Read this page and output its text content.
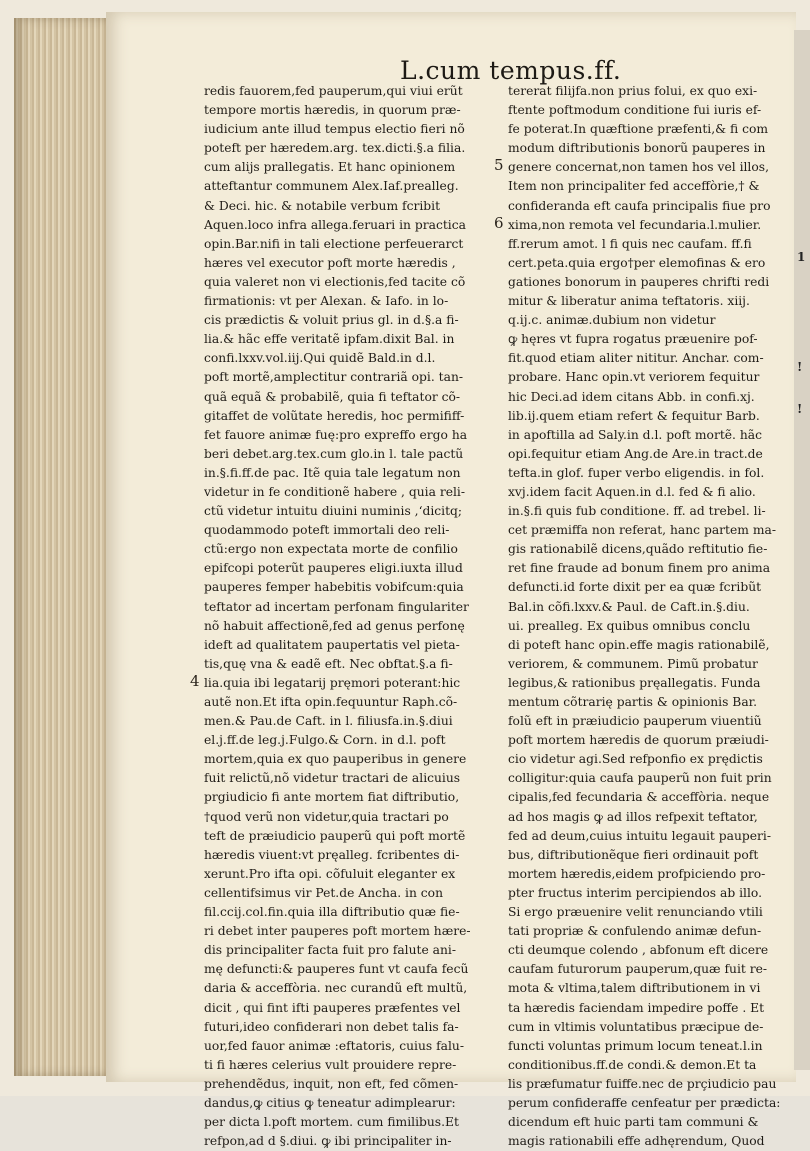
1
!
!
L.cum tempus.ff.
redis fauorem,fed pauperum,qui viui erũt
tempore mortis hæredis, in quorum præ-
iudicium ante illud tempus electio fieri nõ
poteft per hæredem.arg. tex.dicti.§.a filia.
cum alijs prallegatis. Et hanc opinionem
atteftantur communem Alex.Iaf.prealleg.
& Deci. hic. & notabile verbum fcribit
Aquen.loco infra allega.feruari in practica
opin.Bar.nifi in tali electione perfeuerarct
hæres vel executor poft morte hæredis ,
quia valeret non vi electionis,fed tacite cõ
firmationis: vt per Alexan. & Iafo. in lo-
cis prædictis & voluit prius gl. in d.§.a fi-
lia.& hãc effe veritatẽ ipfam.dixit Bal. in
confi.lxxv.vol.iij.Qui quidẽ Bald.in d.l.
poft mortẽ,amplectitur contrariã opi. tan-
quã equã & probabilẽ, quia fi teftator cõ-
gitaffet de volũtate heredis, hoc permififf-
fet fauore animæ fuę:pro expreffo ergo ha
beri debet.arg.tex.cum glo.in l. tale pactũ
in.§.fi.ff.de pac. Itẽ quia tale legatum non
videtur in fe conditionẽ habere , quia reli-
ctũ videtur intuitu diuini numinis ,‘dicitq;
quodammodo poteft immortali deo reli-
ctũ:ergo non expectata morte de confilio
epifcopi poterũt pauperes eligi.iuxta illud
pauperes femper habebitis vobifcum:quia
teftator ad incertam perfonam fingulariter
nõ habuit affectionẽ,fed ad genus perfonę
ideft ad qualitatem paupertatis vel pieta-
tis,quę vna & eadẽ eft. Nec obftat.§.a fi-
lia.quia ibi legatarij pręmori poterant:hic
autẽ non.Et ifta opin.fequuntur Raph.cõ-
men.& Pau.de Caft. in l. filiusfa.in.§.diui
el.j.ff.de leg.j.Fulgo.& Corn. in d.l. poft
mortem,quia ex quo pauperibus in genere
fuit relictũ,nõ videtur tractari de alicuius
prgiudicio fi ante mortem fiat diftributio,
†quod verũ non videtur,quia tractari po
teft de præiudicio pauperũ qui poft mortẽ
hæredis viuent:vt pręalleg. fcribentes di-
xerunt.Pro ifta opi. cõfuluit eleganter ex
cellentifsimus vir Pet.de Ancha. in con
fil.ccij.col.fin.quia illa diftributio quæ fie-
ri debet inter pauperes poft mortem hære-
dis principaliter facta fuit pro falute ani-
mę defuncti:& pauperes funt vt caufa fecũ
daria & acceffòria. nec curandũ eft multũ,
dicit , qui fint ifti pauperes præfentes vel
futuri,ideo confiderari non debet talis fa-
uor,fed fauor animæ :eftatoris, cuius falu-
ti fi hæres celerius vult prouidere repre-
prehendẽdus, inquit, non eft, fed cõmen-
dandus,ꝙ citius ꝙ teneatur adimplearur:
per dicta l.poft mortem. cum fimilibus.Et
refpon,ad d §.diui. ꝙ ibi principaliter in-
tererat filijfa.non prius folui, ex quo exi-
ftente poftmodum conditione fui iuris ef-
fe poterat.In quæftione præfenti,& fi com
modum diftributionis bonorũ pauperes in
genere concernat,non tamen hos vel illos,
Item non principaliter fed acceffòrie,† &
confideranda eft caufa principalis fiue pro
xima,non remota vel fecundaria.l.mulier.
ff.rerum amot. l fi quis nec caufam. ff.fi
cert.peta.quia ergo†per elemofinas & ero
gationes bonorum in pauperes chrifti redi
mitur & liberatur anima teftatoris. xiij.
q.ij.c. animæ.dubium non videtur
ꝙ hęres vt fupra rogatus præuenire pof-
fit.quod etiam aliter nititur. Anchar. com-
probare. Hanc opin.vt veriorem fequitur
hic Deci.ad idem citans Abb. in confi.xj.
lib.ij.quem etiam refert & fequitur Barb.
in apoftilla ad Saly.in d.l. poft mortẽ. hãc
opi.fequitur etiam Ang.de Are.in tract.de
tefta.in glof. fuper verbo eligendis. in fol.
xvj.idem facit Aquen.in d.l. fed & fi alio.
in.§.fi quis fub conditione. ff. ad trebel. li-
cet præmiffa non referat, hanc partem ma-
gis rationabilẽ dicens,quãdo reftitutio fie-
ret fine fraude ad bonum finem pro anima
defuncti.id forte dixit per ea quæ fcribũt
Bal.in cõfi.lxxv.& Paul. de Caft.in.§.diu.
ui. prealleg. Ex quibus omnibus conclu
di poteft hanc opin.effe magis rationabilẽ,
veriorem, & communem. Pimũ probatur
legibus,& rationibus pręallegatis. Funda
mentum cõtrarię partis & opinionis Bar.
folũ eft in præiudicio pauperum viuentiũ
poft mortem hæredis de quorum præiudi-
cio videtur agi.Sed refponfio ex prędictis
colligitur:quia caufa pauperũ non fuit prin
cipalis,fed fecundaria & acceffòria. neque
ad hos magis ꝙ ad illos refpexit teftator,
fed ad deum,cuius intuitu legauit pauperi-
bus, diftributionẽque fieri ordinauit poft
mortem hæredis,eidem profpiciendo pro-
pter fructus interim percipiendos ab illo.
Si ergo præuenire velit renunciando vtili
tati propriæ & confulendo animæ defun-
cti deumque colendo , abfonum eft dicere
caufam futurorum pauperum,quæ fuit re-
mota & vltima,talem diftributionem in vi
ta hæredis faciendam impedire poffe . Et
cum in vltimis voluntatibus præcipue de-
functi voluntas primum locum teneat.l.in
conditionibus.ff.de condi.& demon.Et ta
lis præfumatur fuiffe.nec de prçiudicio pau
perum confideraffe cenfeatur per prædicta:
dicendum eft huic parti tam communi &
magis rationabili effe adhęrendum, Quod
4
5
6
